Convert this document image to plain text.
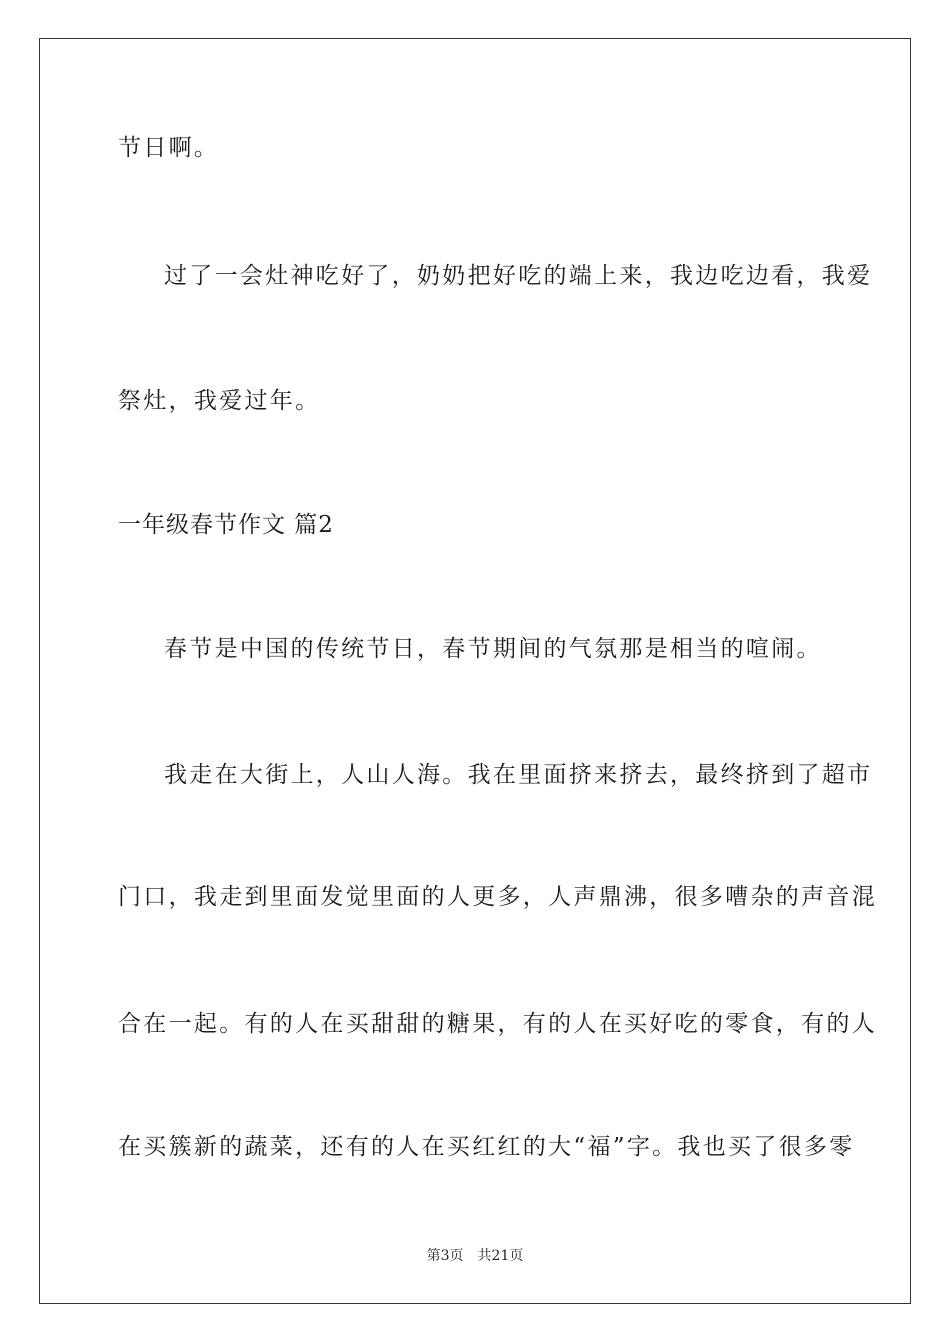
节日啊。
过了一会灶神吃好了，奶奶把好吃的端上来，我边吃边看，我爱
祭灶，我爱过年。
一年级春节作文 篇2
春节是中国的传统节日，春节期间的气氛那是相当的喧闹。
我走在大街上，人山人海。我在里面挤来挤去，最终挤到了超市
门口，我走到里面发觉里面的人更多，人声鼎沸，很多嘈杂的声音混
合在一起。有的人在买甜甜的糖果，有的人在买好吃的零食，有的人
在买簇新的蔬菜，还有的人在买红红的大“福”字。我也买了很多零
第3页 共21页
